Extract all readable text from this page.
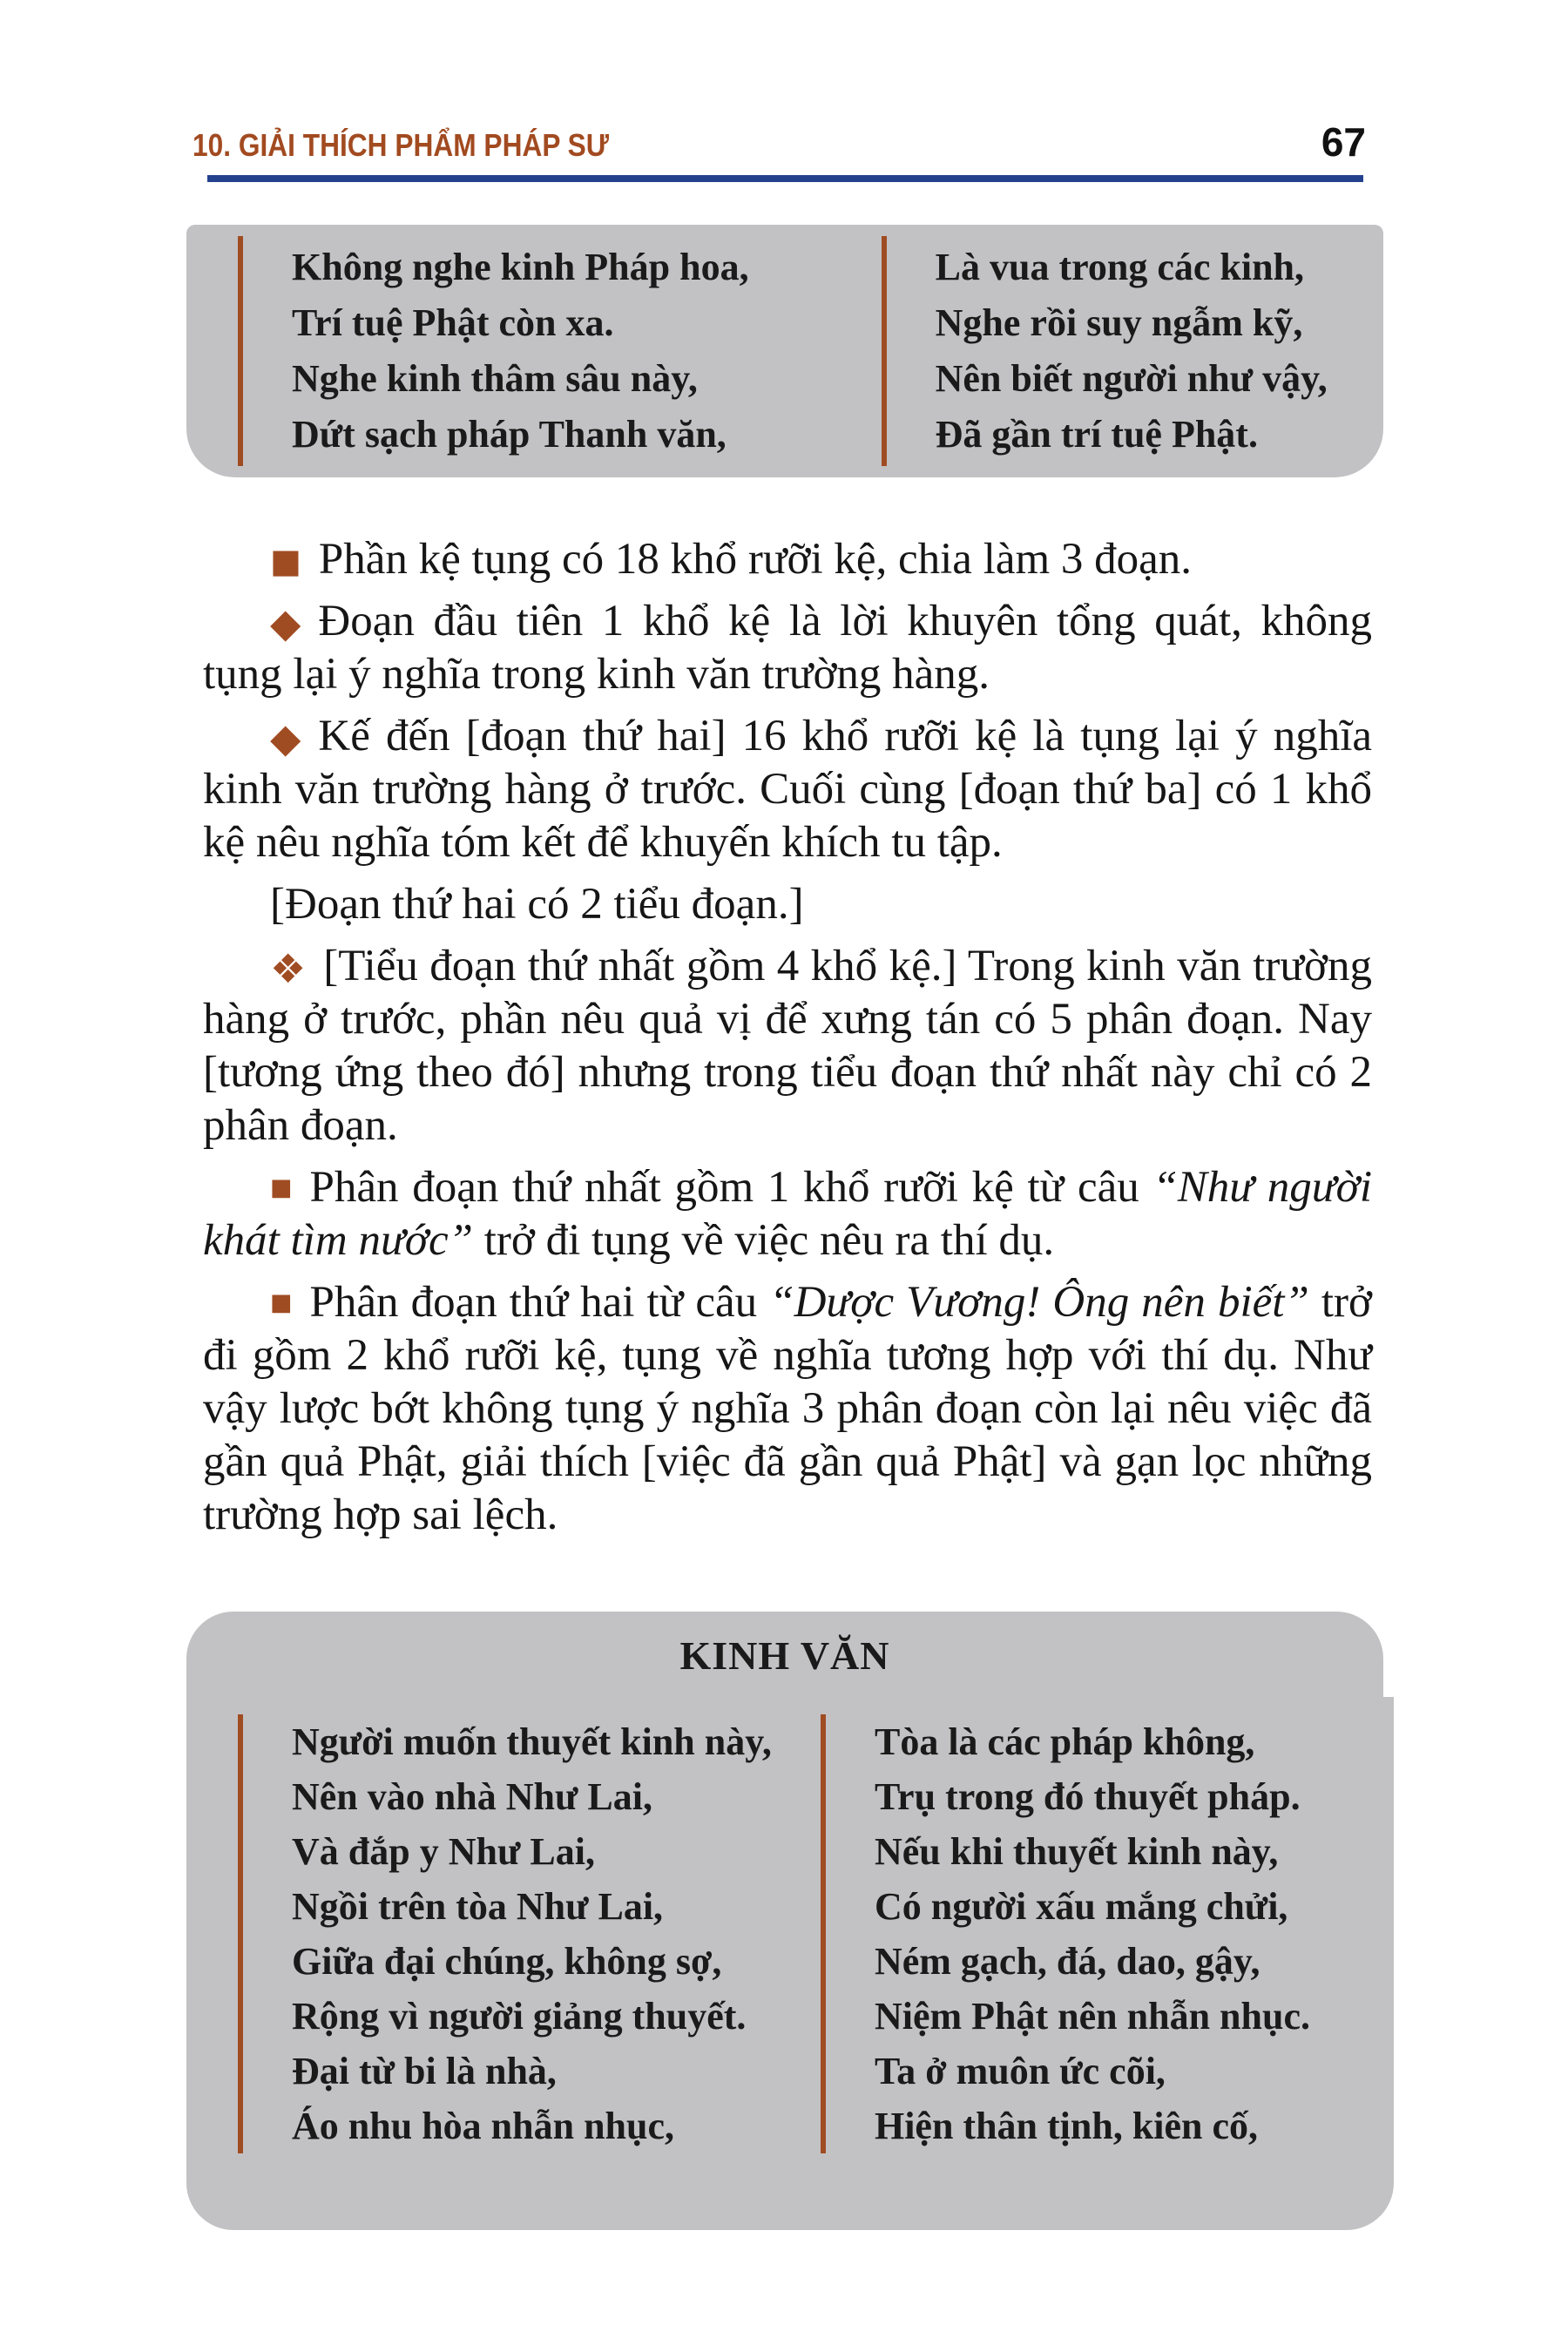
10. GIẢI THÍCH PHẨM PHÁP SƯ	67
Không nghe kinh Pháp hoa,
Trí tuệ Phật còn xa.
Nghe kinh thâm sâu này,
Dứt sạch pháp Thanh văn,
Là vua trong các kinh,
Nghe rồi suy ngẫm kỹ,
Nên biết người như vậy,
Đã gần trí tuệ Phật.

■ Phần kệ tụng có 18 khổ rưỡi kệ, chia làm 3 đoạn.

◆ Đoạn đầu tiên 1 khổ kệ là lời khuyên tổng quát, không tụng lại ý nghĩa trong kinh văn trường hàng.

◆ Kế đến [đoạn thứ hai] 16 khổ rưỡi kệ là tụng lại ý nghĩa kinh văn trường hàng ở trước. Cuối cùng [đoạn thứ ba] có 1 khổ kệ nêu nghĩa tóm kết để khuyến khích tu tập.

[Đoạn thứ hai có 2 tiểu đoạn.]

❖ [Tiểu đoạn thứ nhất gồm 4 khổ kệ.] Trong kinh văn trường hàng ở trước, phần nêu quả vị để xưng tán có 5 phân đoạn. Nay [tương ứng theo đó] nhưng trong tiểu đoạn thứ nhất này chỉ có 2 phân đoạn.

■ Phân đoạn thứ nhất gồm 1 khổ rưỡi kệ từ câu “Như người khát tìm nước” trở đi tụng về việc nêu ra thí dụ.

■ Phân đoạn thứ hai từ câu “Dược Vương! Ông nên biết” trở đi gồm 2 khổ rưỡi kệ, tụng về nghĩa tương hợp với thí dụ. Như vậy lược bớt không tụng ý nghĩa 3 phân đoạn còn lại nêu việc đã gần quả Phật, giải thích [việc đã gần quả Phật] và gạn lọc những trường hợp sai lệch.

KINH VĂN
Người muốn thuyết kinh này,
Nên vào nhà Như Lai,
Và đắp y Như Lai,
Ngồi trên tòa Như Lai,
Giữa đại chúng, không sợ,
Rộng vì người giảng thuyết.
Đại từ bi là nhà,
Áo nhu hòa nhẫn nhục,
Tòa là các pháp không,
Trụ trong đó thuyết pháp.
Nếu khi thuyết kinh này,
Có người xấu mắng chửi,
Ném gạch, đá, dao, gậy,
Niệm Phật nên nhẫn nhục.
Ta ở muôn ức cõi,
Hiện thân tịnh, kiên cố,
